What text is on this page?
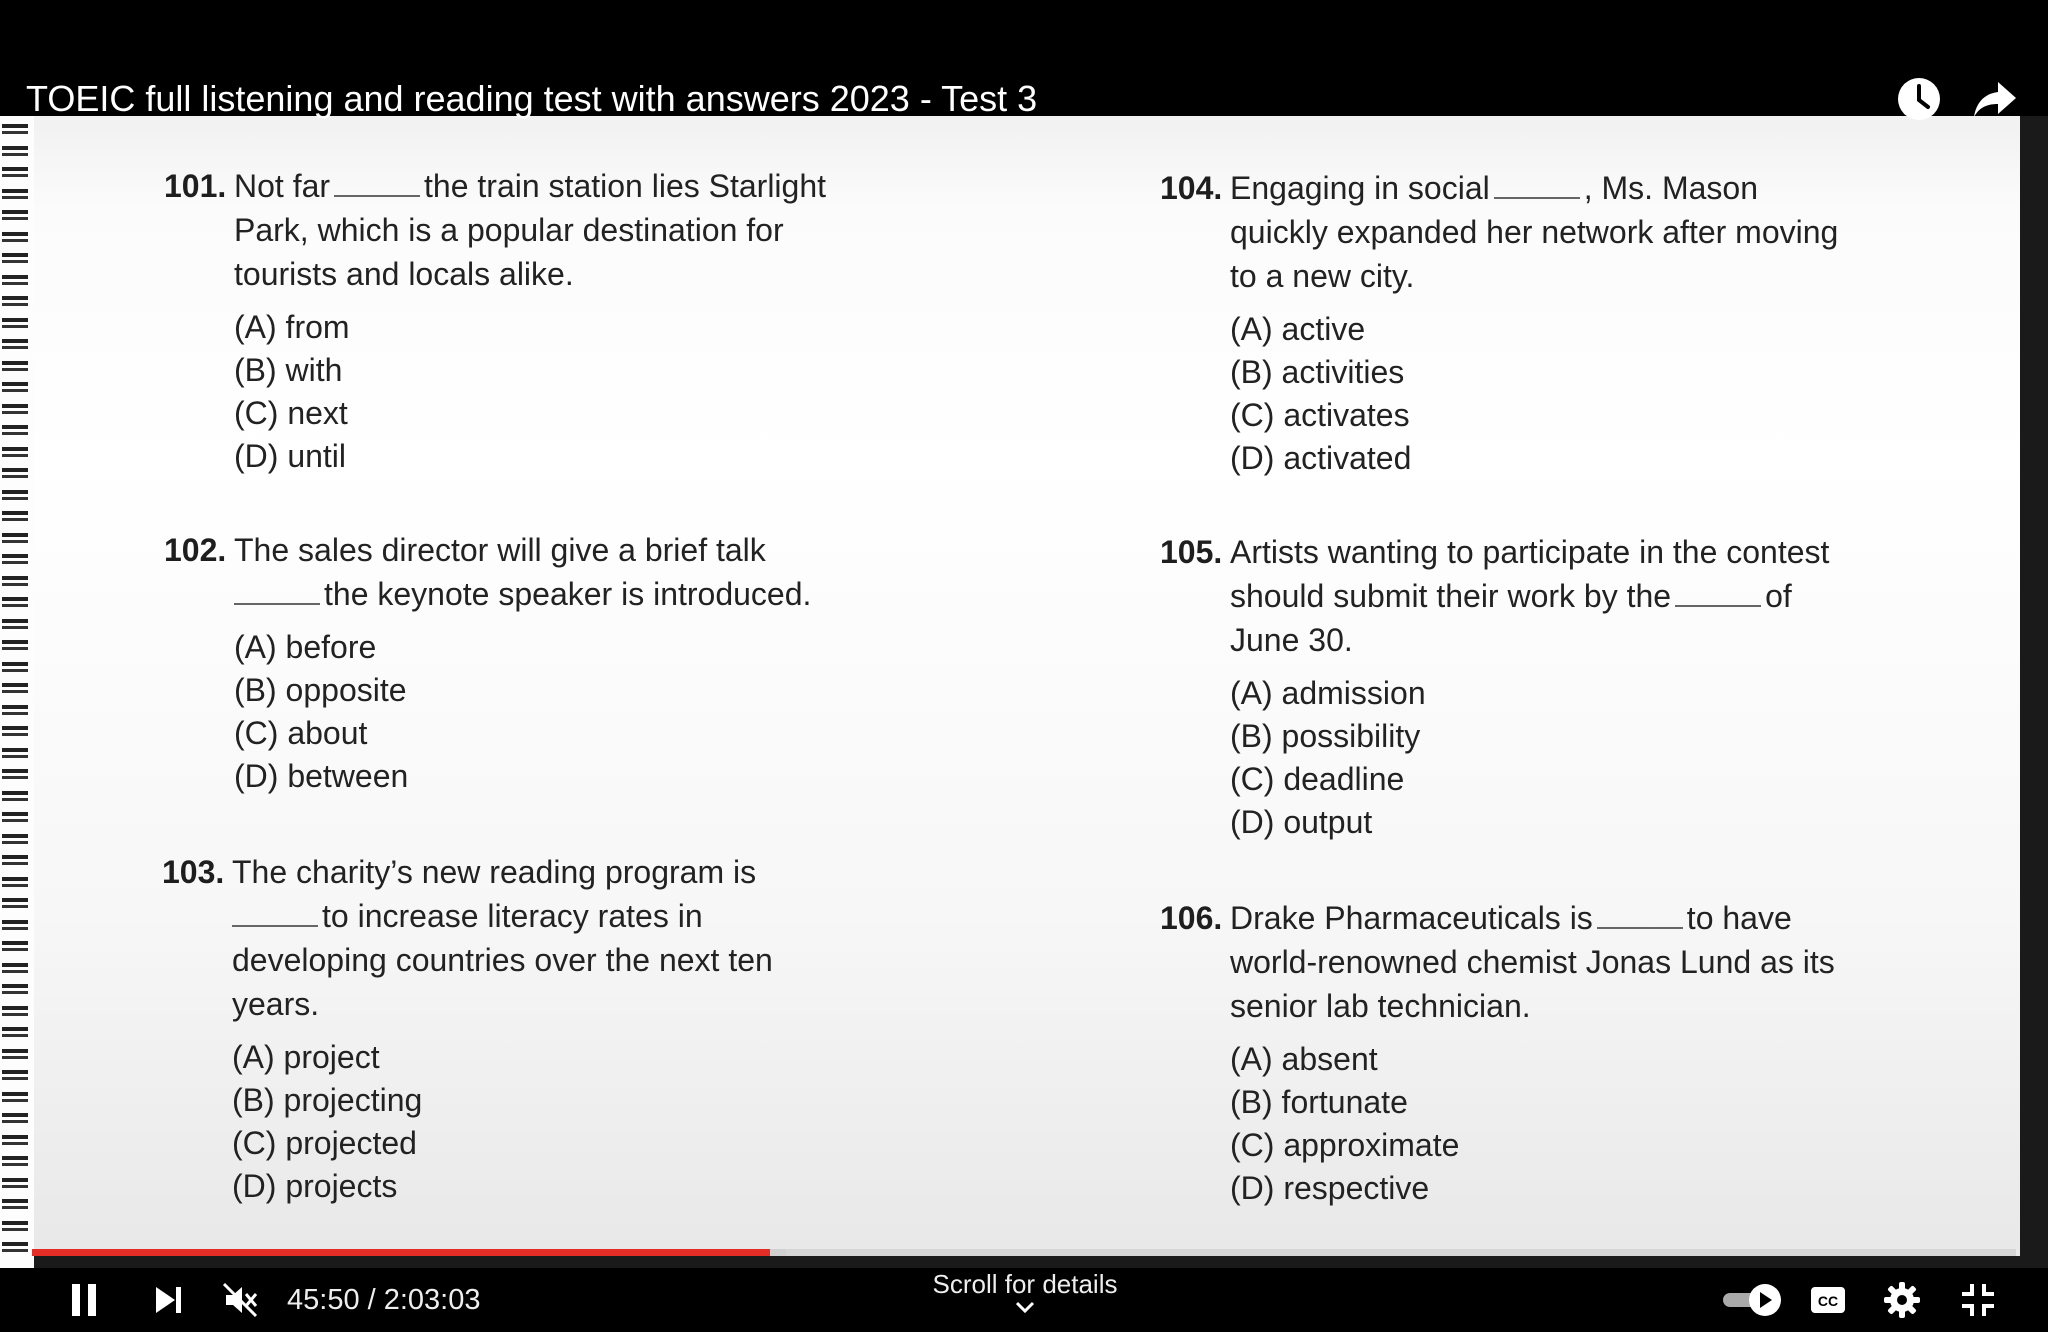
TOEIC full listening and reading test with answers 2023 - Test 3
101. Not far	the train station lies Starlight
Park, which is a popular destination for
tourists and locals alike.
(A) from
(B) with
(C) next
(D) until
102. The sales director will give a brief talk
the keynote speaker is introduced.
(A) before
(B) opposite
(C) about
(D) between
103. The charity’s new reading program is
to increase literacy rates in
developing countries over the next ten
years.
(A) project
(B) projecting
(C) projected
(D) projects
104. Engaging in social	, Ms. Mason
quickly expanded her network after moving
to a new city.
(A) active
(B) activities
(C) activates
(D) activated
105. Artists wanting to participate in the contest
should submit their work by the	of
June 30.
(A) admission
(B) possibility
(C) deadline
(D) output
106. Drake Pharmaceuticals is	to have
world-renowned chemist Jonas Lund as its
senior lab technician.
(A) absent
(B) fortunate
(C) approximate
(D) respective
45:50 / 2:03:03	CC
Scroll for details
